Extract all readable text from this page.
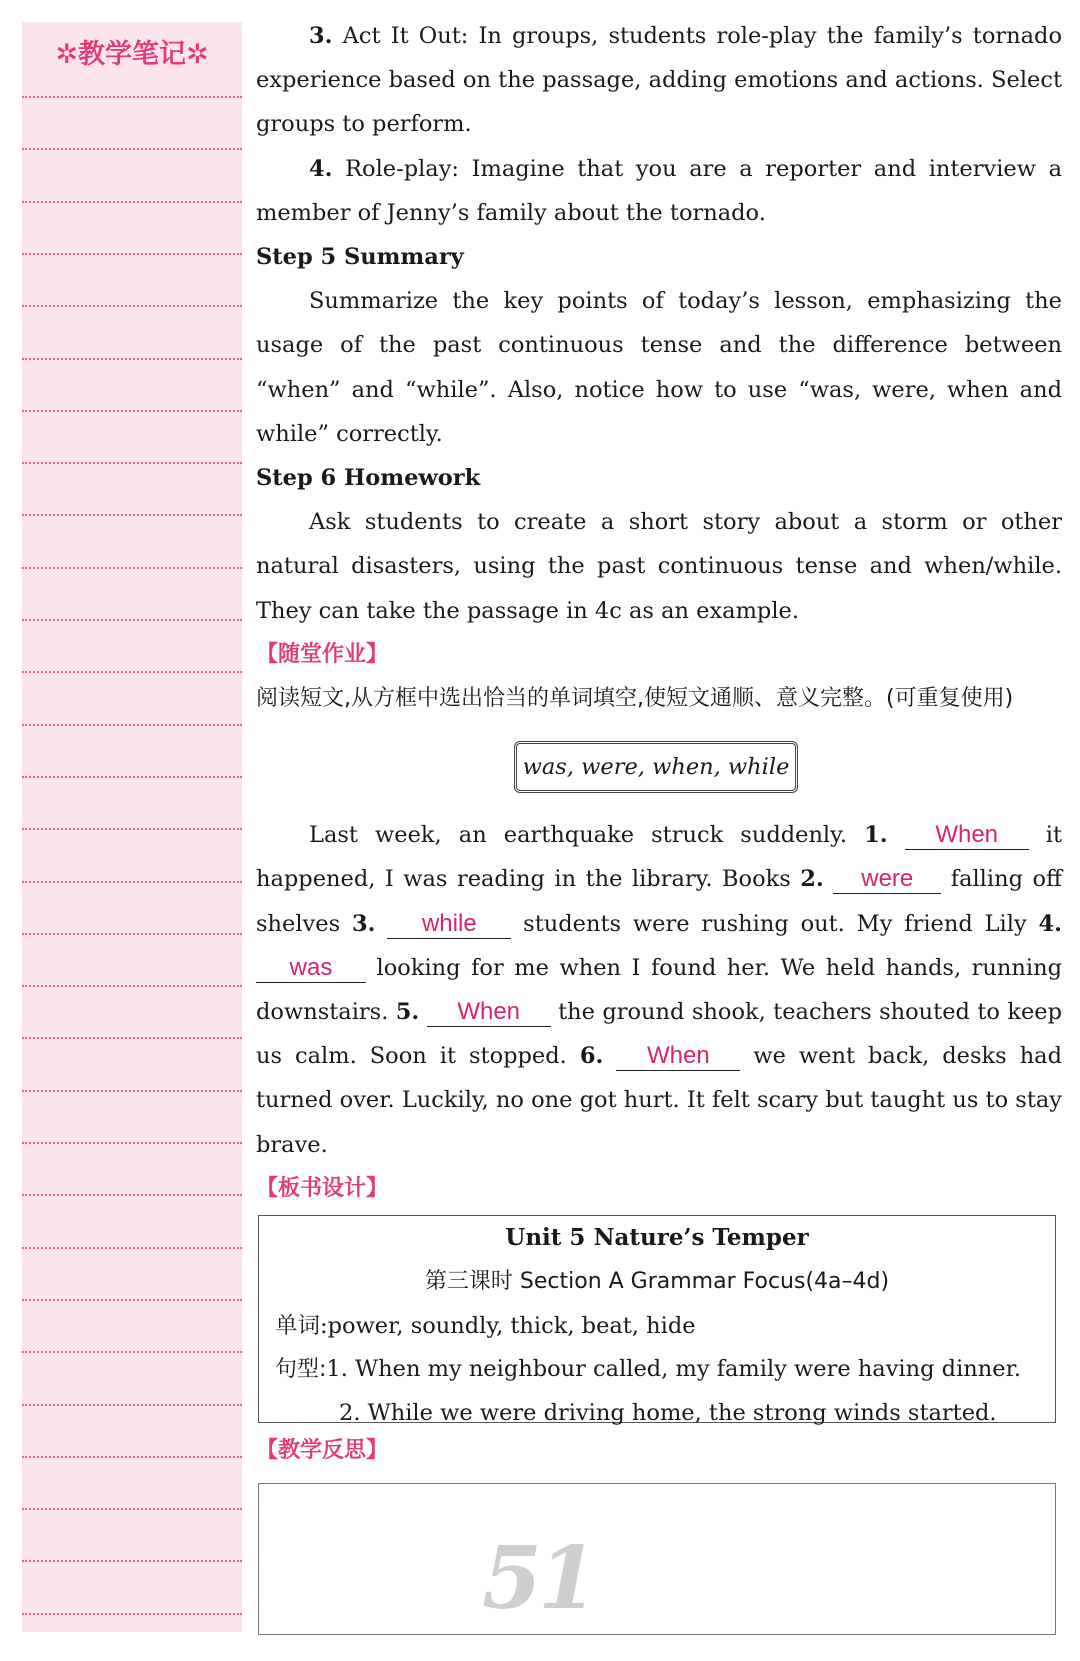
✲教学笔记✲

3. Act It Out: In groups, students role-play the family’s tornado experience based on the passage, adding emotions and actions. Select groups to perform.

4. Role-play: Imagine that you are a reporter and interview a member of Jenny’s family about the tornado.

Step 5 Summary

Summarize the key points of today’s lesson, emphasizing the usage of the past continuous tense and the difference between “when” and “while”. Also, notice how to use “was, were, when and while” correctly.

Step 6 Homework

Ask students to create a short story about a storm or other natural disasters, using the past continuous tense and when/while. They can take the passage in 4c as an example.

【随堂作业】

阅读短文,从方框中选出恰当的单词填空,使短文通顺、意义完整。(可重复使用)

was, were, when, while

Last week, an earthquake struck suddenly. 1. When it happened, I was reading in the library. Books 2. were falling off shelves 3. while students were rushing out. My friend Lily 4. was looking for me when I found her. We held hands, running downstairs. 5. When the ground shook, teachers shouted to keep us calm. Soon it stopped. 6. When we went back, desks had turned over. Luckily, no one got hurt. It felt scary but taught us to stay brave.

【板书设计】

Unit 5 Nature’s Temper
第三课时 Section A Grammar Focus(4a–4d)
单词:power, soundly, thick, beat, hide
句型:1. When my neighbour called, my family were having dinner.
2. While we were driving home, the strong winds started.

【教学反思】

51
